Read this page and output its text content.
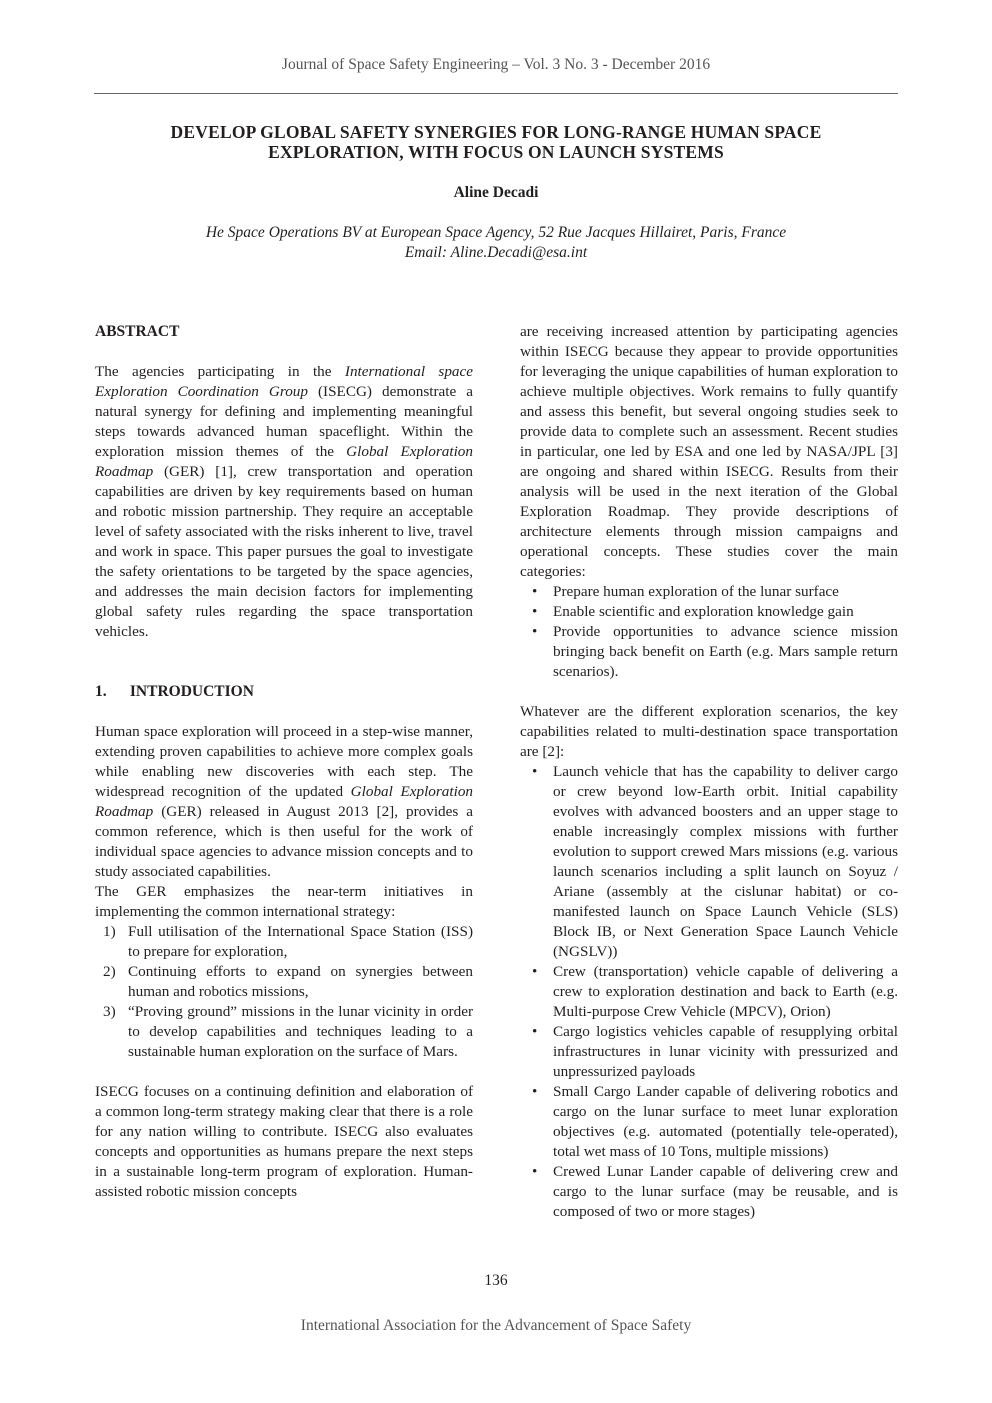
Journal of Space Safety Engineering – Vol. 3 No. 3 - December 2016
DEVELOP GLOBAL SAFETY SYNERGIES FOR LONG-RANGE HUMAN SPACE
EXPLORATION, WITH FOCUS ON LAUNCH SYSTEMS
Aline Decadi
He Space Operations BV at European Space Agency, 52 Rue Jacques Hillairet, Paris, France
Email: Aline.Decadi@esa.int

ABSTRACT

The agencies participating in the International space Exploration Coordination Group (ISECG) demonstrate a natural synergy for defining and implementing meaningful steps towards advanced human spaceflight. Within the exploration mission themes of the Global Exploration Roadmap (GER) [1], crew transportation and operation capabilities are driven by key requirements based on human and robotic mission partnership. They require an acceptable level of safety associated with the risks inherent to live, travel and work in space. This paper pursues the goal to investigate the safety orientations to be targeted by the space agencies, and addresses the main decision factors for implementing global safety rules regarding the space transportation vehicles.

1.      INTRODUCTION

Human space exploration will proceed in a step-wise manner, extending proven capabilities to achieve more complex goals while enabling new discoveries with each step. The widespread recognition of the updated Global Exploration Roadmap (GER) released in August 2013 [2], provides a common reference, which is then useful for the work of individual space agencies to advance mission concepts and to study associated capabilities.

The GER emphasizes the near-term initiatives in implementing the common international strategy:

1) Full utilisation of the International Space Station (ISS) to prepare for exploration,
2) Continuing efforts to expand on synergies between human and robotics missions,
3) “Proving ground” missions in the lunar vicinity in order to develop capabilities and techniques leading to a sustainable human exploration on the surface of Mars.

ISECG focuses on a continuing definition and elaboration of a common long-term strategy making clear that there is a role for any nation willing to contribute. ISECG also evaluates concepts and opportunities as humans prepare the next steps in a sustainable long-term program of exploration. Human-assisted robotic mission concepts

are receiving increased attention by participating agencies within ISECG because they appear to provide opportunities for leveraging the unique capabilities of human exploration to achieve multiple objectives. Work remains to fully quantify and assess this benefit, but several ongoing studies seek to provide data to complete such an assessment. Recent studies in particular, one led by ESA and one led by NASA/JPL [3] are ongoing and shared within ISECG. Results from their analysis will be used in the next iteration of the Global Exploration Roadmap. They provide descriptions of architecture elements through mission campaigns and operational concepts. These studies cover the main categories:

• Prepare human exploration of the lunar surface
• Enable scientific and exploration knowledge gain
• Provide opportunities to advance science mission bringing back benefit on Earth (e.g. Mars sample return scenarios).

Whatever are the different exploration scenarios, the key capabilities related to multi-destination space transportation are [2]:

• Launch vehicle that has the capability to deliver cargo or crew beyond low-Earth orbit. Initial capability evolves with advanced boosters and an upper stage to enable increasingly complex missions with further evolution to support crewed Mars missions (e.g. various launch scenarios including a split launch on Soyuz / Ariane (assembly at the cislunar habitat) or co-manifested launch on Space Launch Vehicle (SLS) Block IB, or Next Generation Space Launch Vehicle (NGSLV))
• Crew (transportation) vehicle capable of delivering a crew to exploration destination and back to Earth (e.g. Multi-purpose Crew Vehicle (MPCV), Orion)
• Cargo logistics vehicles capable of resupplying orbital infrastructures in lunar vicinity with pressurized and unpressurized payloads
• Small Cargo Lander capable of delivering robotics and cargo on the lunar surface to meet lunar exploration objectives (e.g. automated (potentially tele-operated), total wet mass of 10 Tons, multiple missions)
• Crewed Lunar Lander capable of delivering crew and cargo to the lunar surface (may be reusable, and is composed of two or more stages)
136
International Association for the Advancement of Space Safety
